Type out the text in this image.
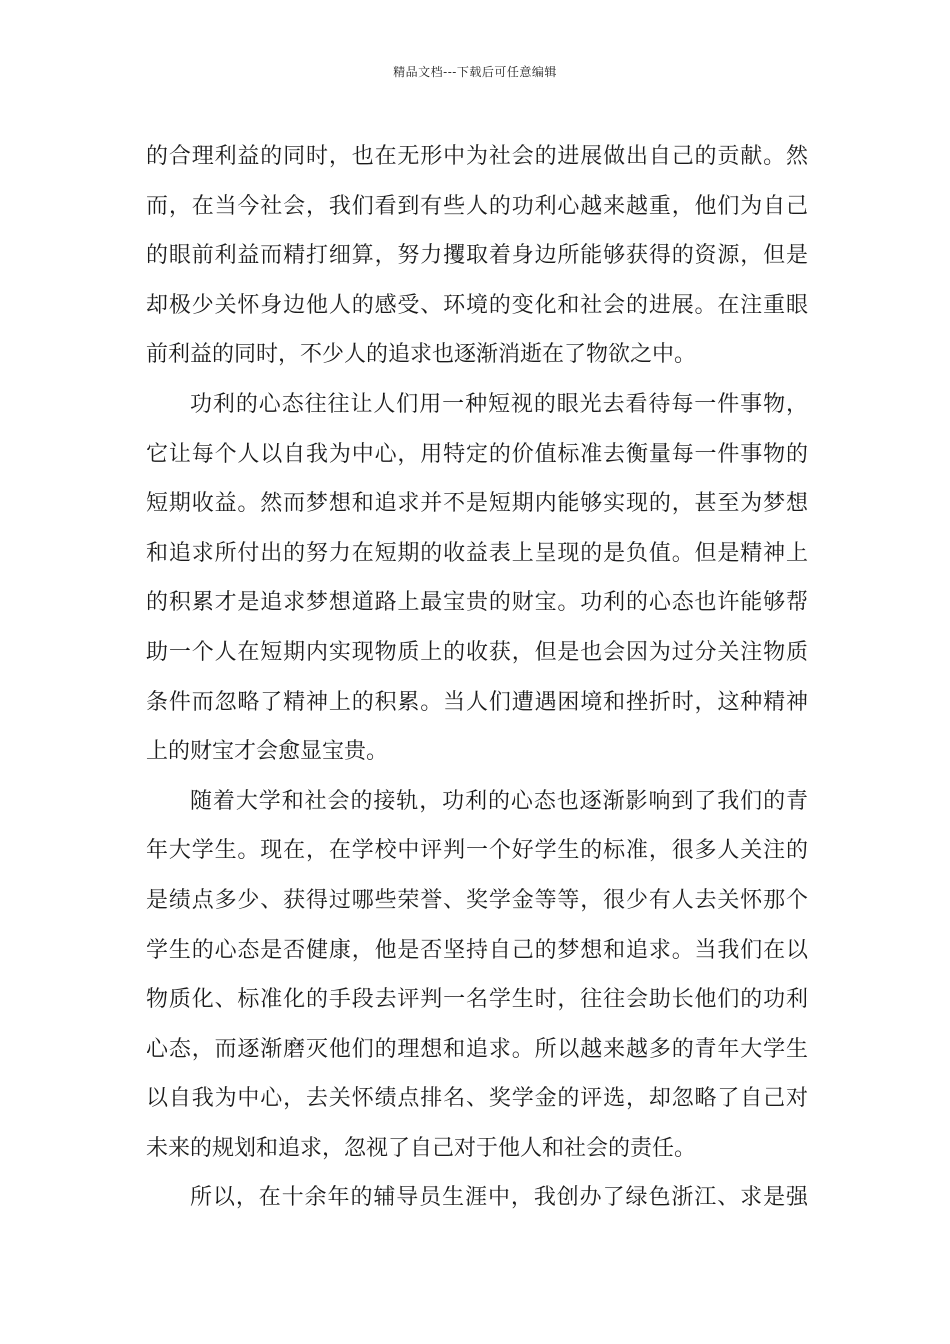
精品文档---下载后可任意编辑
的合理利益的同时，也在无形中为社会的进展做出自己的贡献。然
而，在当今社会，我们看到有些人的功利心越来越重，他们为自己
的眼前利益而精打细算，努力攫取着身边所能够获得的资源，但是
却极少关怀身边他人的感受、环境的变化和社会的进展。在注重眼
前利益的同时，不少人的追求也逐渐消逝在了物欲之中。
功利的心态往往让人们用一种短视的眼光去看待每一件事物，
它让每个人以自我为中心，用特定的价值标准去衡量每一件事物的
短期收益。然而梦想和追求并不是短期内能够实现的，甚至为梦想
和追求所付出的努力在短期的收益表上呈现的是负值。但是精神上
的积累才是追求梦想道路上最宝贵的财宝。功利的心态也许能够帮
助一个人在短期内实现物质上的收获，但是也会因为过分关注物质
条件而忽略了精神上的积累。当人们遭遇困境和挫折时，这种精神
上的财宝才会愈显宝贵。
随着大学和社会的接轨，功利的心态也逐渐影响到了我们的青
年大学生。现在，在学校中评判一个好学生的标准，很多人关注的
是绩点多少、获得过哪些荣誉、奖学金等等，很少有人去关怀那个
学生的心态是否健康，他是否坚持自己的梦想和追求。当我们在以
物质化、标准化的手段去评判一名学生时，往往会助长他们的功利
心态，而逐渐磨灭他们的理想和追求。所以越来越多的青年大学生
以自我为中心，去关怀绩点排名、奖学金的评选，却忽略了自己对
未来的规划和追求，忽视了自己对于他人和社会的责任。
所以，在十余年的辅导员生涯中，我创办了绿色浙江、求是强
